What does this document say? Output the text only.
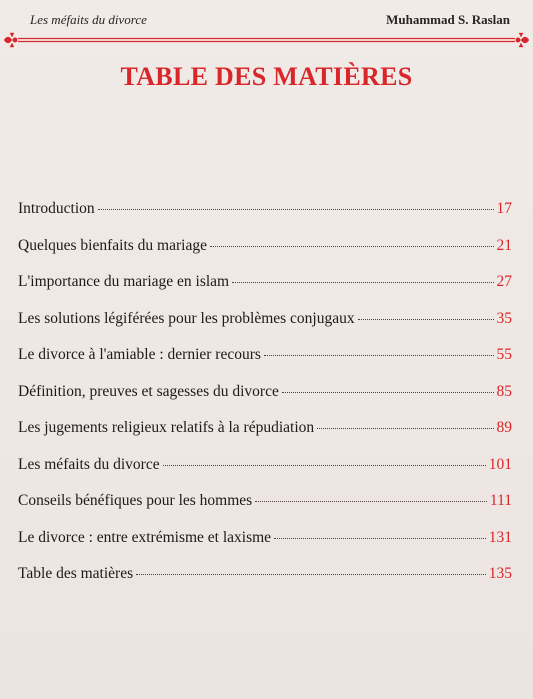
Les méfaits du divorce	Muhammad S. Raslan
TABLE DES MATIÈRES
Introduction	17
Quelques bienfaits du mariage	21
L'importance du mariage en islam	27
Les solutions légiférées pour les problèmes conjugaux	35
Le divorce à l'amiable : dernier recours	55
Définition, preuves et sagesses du divorce	85
Les jugements religieux relatifs à la répudiation	89
Les méfaits du divorce	101
Conseils bénéfiques pour les hommes	111
Le divorce : entre extrémisme et laxisme	131
Table des matières	135
